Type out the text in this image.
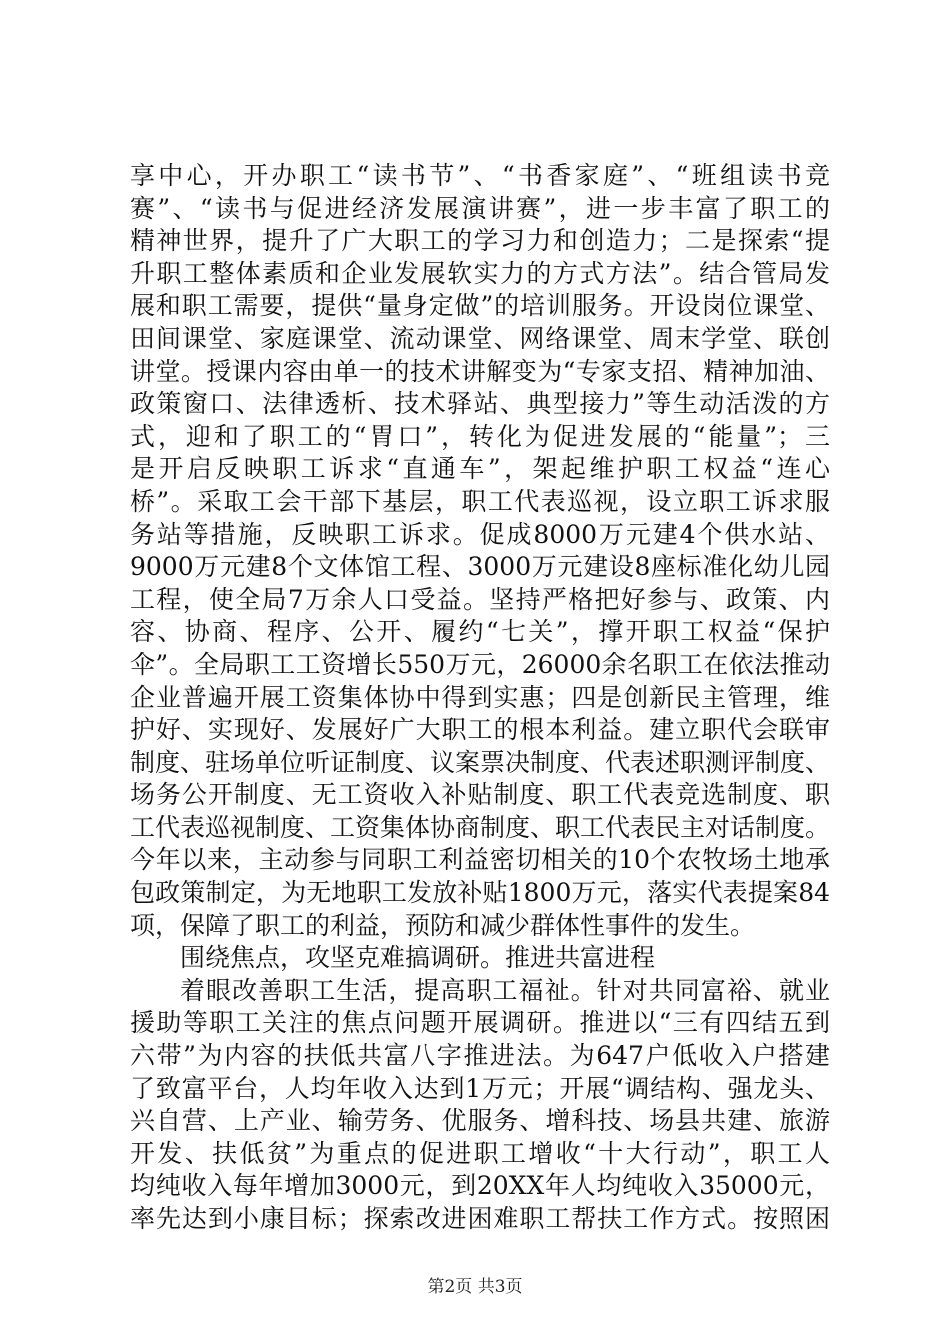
享中心，开办职工“读书节”、“书香家庭”、“班组读书竞
赛”、“读书与促进经济发展演讲赛”，进一步丰富了职工的
精神世界，提升了广大职工的学习力和创造力；二是探索“提
升职工整体素质和企业发展软实力的方式方法”。结合管局发
展和职工需要，提供“量身定做”的培训服务。开设岗位课堂、
田间课堂、家庭课堂、流动课堂、网络课堂、周末学堂、联创
讲堂。授课内容由单一的技术讲解变为“专家支招、精神加油、
政策窗口、法律透析、技术驿站、典型接力”等生动活泼的方
式，迎和了职工的“胃口”，转化为促进发展的“能量”；三
是开启反映职工诉求“直通车”，架起维护职工权益“连心
桥”。采取工会干部下基层，职工代表巡视，设立职工诉求服
务站等措施，反映职工诉求。促成8000万元建4个供水站、
9000万元建8个文体馆工程、3000万元建设8座标准化幼儿园
工程，使全局7万余人口受益。坚持严格把好参与、政策、内
容、协商、程序、公开、履约“七关”，撑开职工权益“保护
伞”。全局职工工资增长550万元，26000余名职工在依法推动
企业普遍开展工资集体协中得到实惠；四是创新民主管理，维
护好、实现好、发展好广大职工的根本利益。建立职代会联审
制度、驻场单位听证制度、议案票决制度、代表述职测评制度、
场务公开制度、无工资收入补贴制度、职工代表竞选制度、职
工代表巡视制度、工资集体协商制度、职工代表民主对话制度。
今年以来，主动参与同职工利益密切相关的10个农牧场土地承
包政策制定，为无地职工发放补贴1800万元，落实代表提案84
项，保障了职工的利益，预防和减少群体性事件的发生。
围绕焦点，攻坚克难搞调研。推进共富进程
着眼改善职工生活，提高职工福祉。针对共同富裕、就业
援助等职工关注的焦点问题开展调研。推进以“三有四结五到
六带”为内容的扶低共富八字推进法。为647户低收入户搭建
了致富平台，人均年收入达到1万元；开展“调结构、强龙头、
兴自营、上产业、输劳务、优服务、增科技、场县共建、旅游
开发、扶低贫”为重点的促进职工增收“十大行动”，职工人
均纯收入每年增加3000元，到20XX年人均纯收入35000元，
率先达到小康目标；探索改进困难职工帮扶工作方式。按照困
第2页 共3页
